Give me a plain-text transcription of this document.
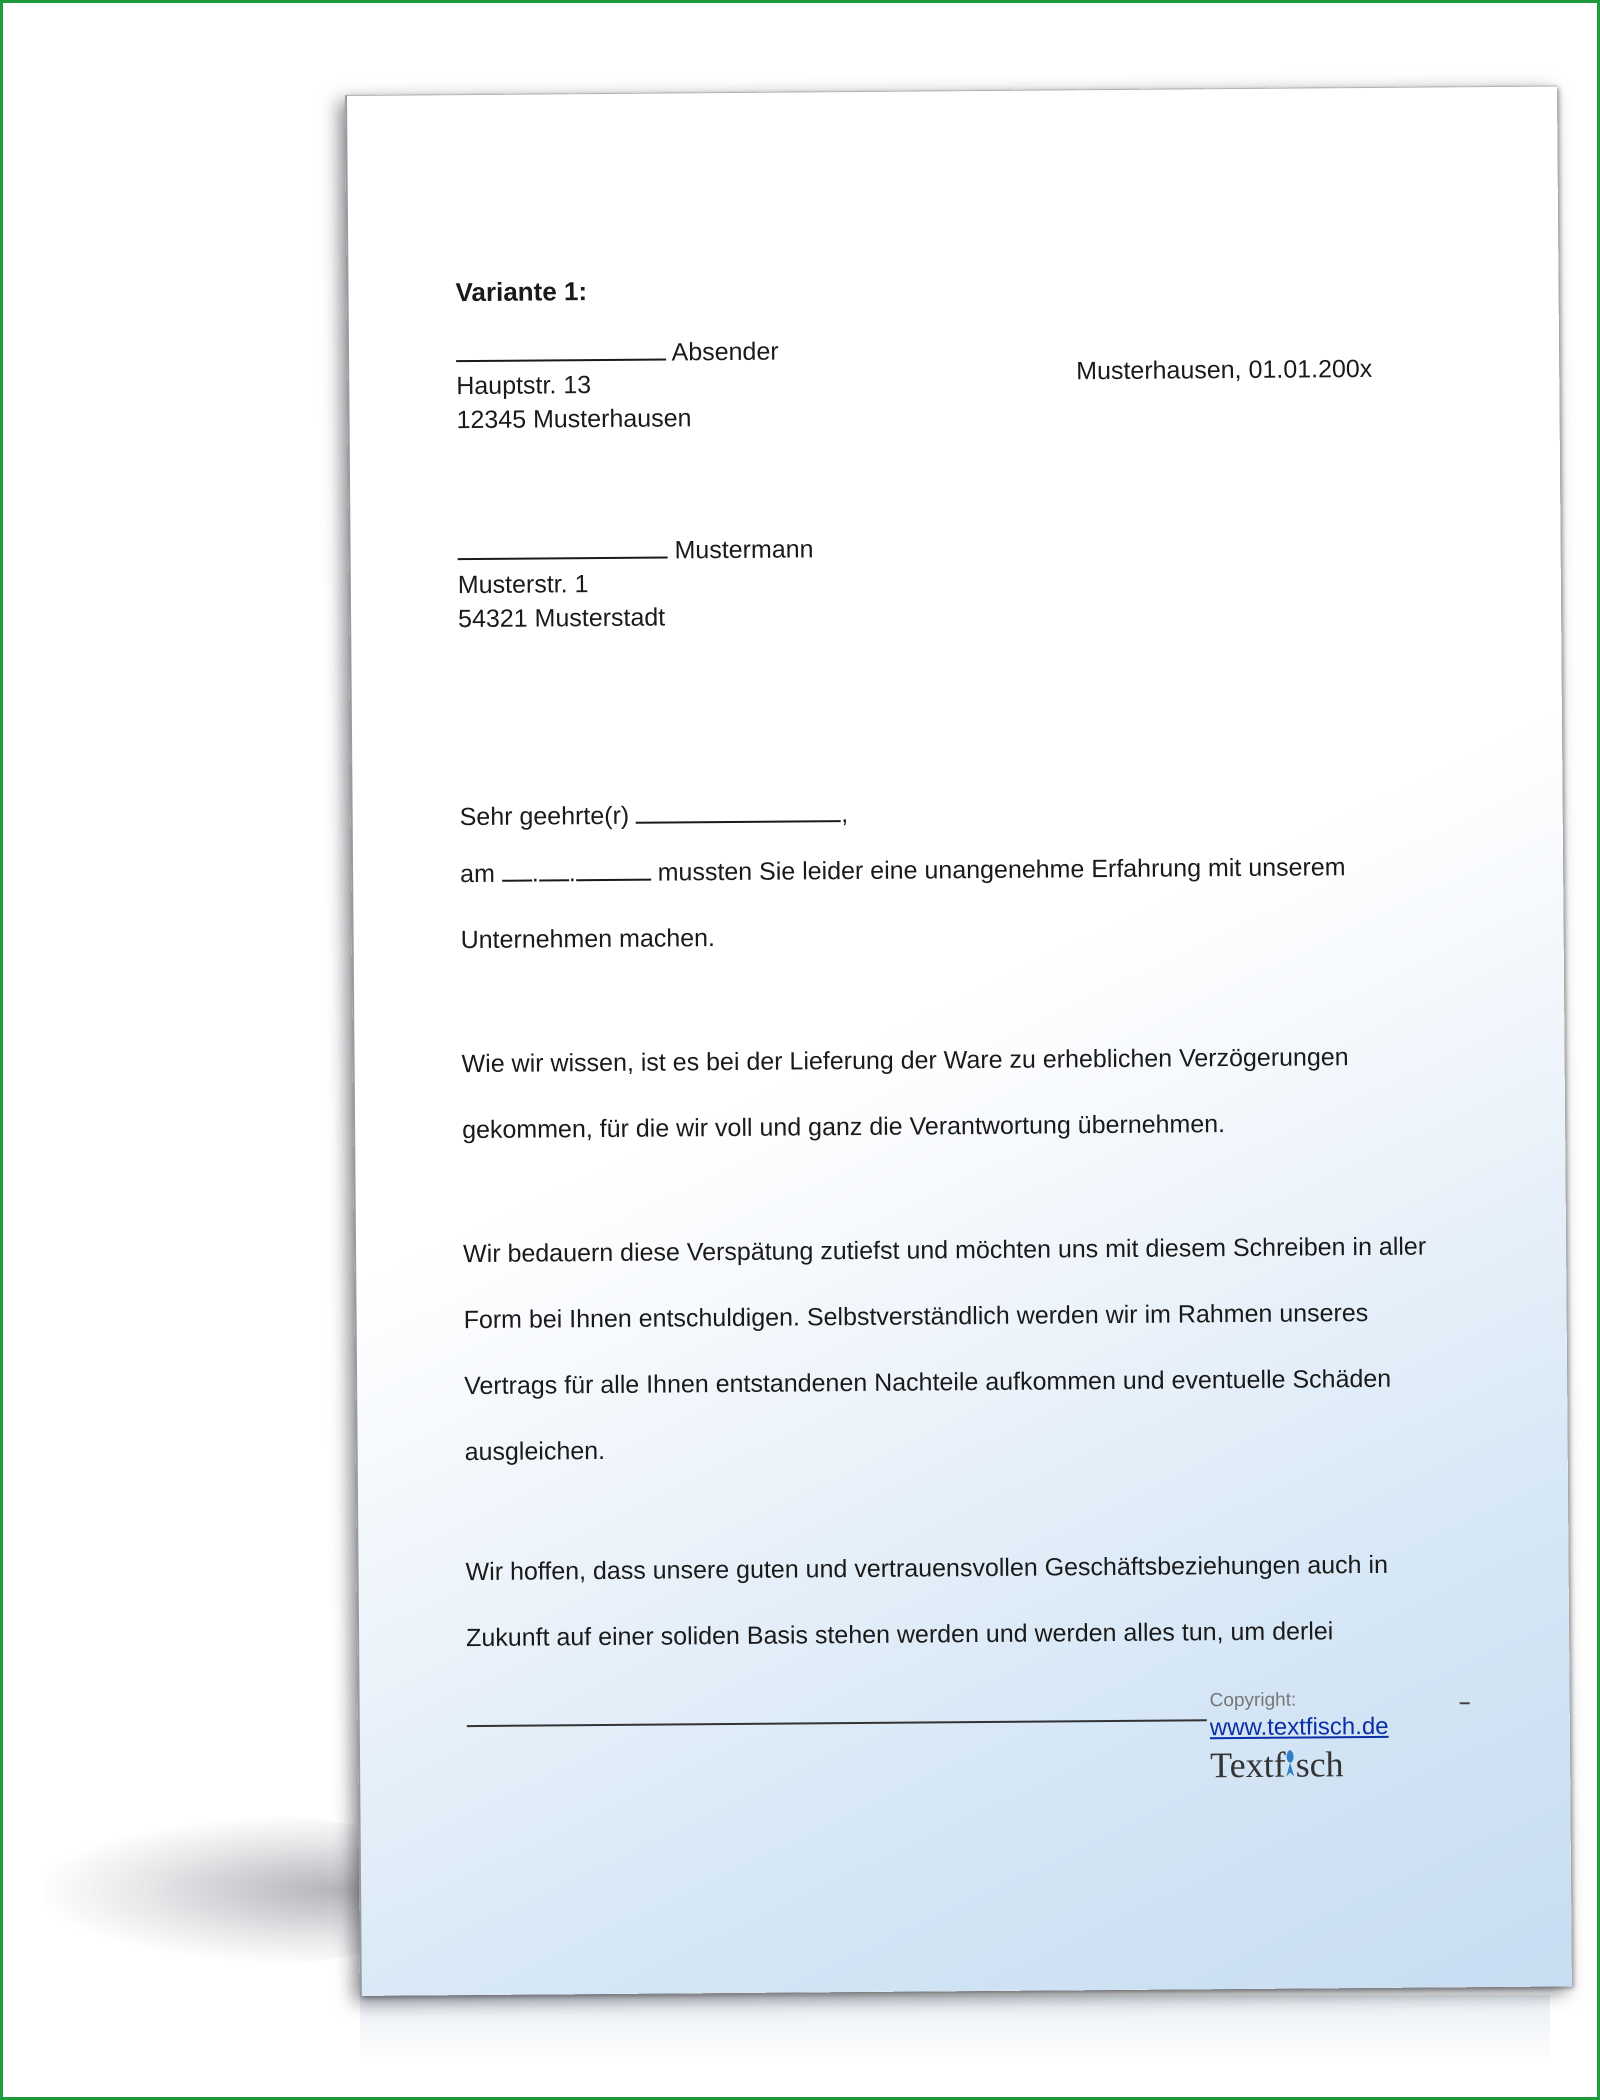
Variante 1:
Absender
Hauptstr. 13
12345 Musterhausen
Musterhausen, 01.01.200x
Mustermann
Musterstr. 1
54321 Musterstadt
Sehr geehrte(r)	,
am . .	mussten Sie leider eine unangenehme Erfahrung mit unserem
Unternehmen machen.
Wie wir wissen, ist es bei der Lieferung der Ware zu erheblichen Verzögerungen
gekommen, für die wir voll und ganz die Verantwortung übernehmen.
Wir bedauern diese Verspätung zutiefst und möchten uns mit diesem Schreiben in aller
Form bei Ihnen entschuldigen. Selbstverständlich werden wir im Rahmen unseres
Vertrags für alle Ihnen entstandenen Nachteile aufkommen und eventuelle Schäden
ausgleichen.
Wir hoffen, dass unsere guten und vertrauensvollen Geschäftsbeziehungen auch in
Zukunft auf einer soliden Basis stehen werden und werden alles tun, um derlei
Copyright:
www.textfisch.de
Textf sch
